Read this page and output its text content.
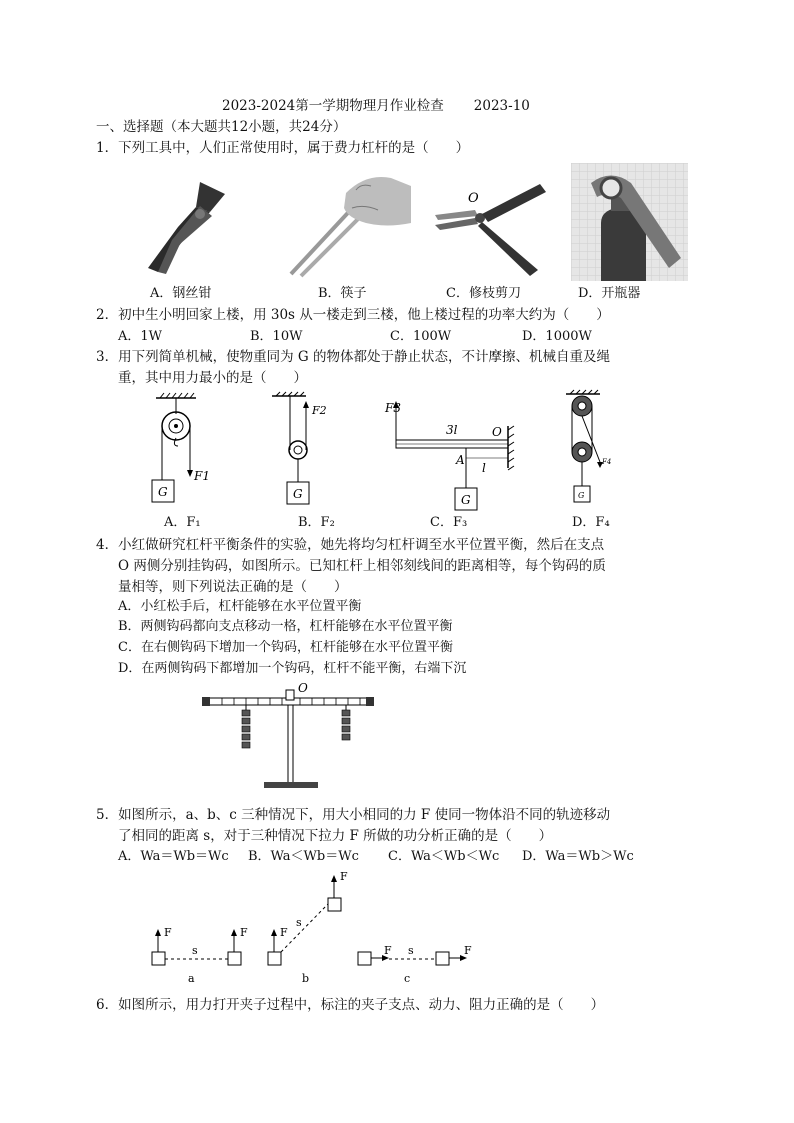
2023-2024第一学期物理月作业检查 2023-10
一、选择题（本大题共12小题，共24分）
1．下列工具中，人们正常使用时，属于费力杠杆的是（　　）
O
A．钢丝钳	B．筷子	C．修枝剪刀	D．开瓶器
2．初中生小明回家上楼，用 30s 从一楼走到三楼，他上楼过程的功率大约为（　　）
A．1W	B．10W	C．100W	D．1000W
3．用下列简单机械，使物重同为 G 的物体都处于静止状态，不计摩擦、机械自重及绳
重，其中用力最小的是（　　）
G
F1
G
F2	F3
3l	O
A
l
G
F4
G
A．F₁	B．F₂	C．F₃	D．F₄
4．小红做研究杠杆平衡条件的实验，她先将均匀杠杆调至水平位置平衡，然后在支点
O 两侧分别挂钩码，如图所示。已知杠杆上相邻刻线间的距离相等，每个钩码的质
量相等，则下列说法正确的是（　　）
A．小红松手后，杠杆能够在水平位置平衡
B．两侧钩码都向支点移动一格，杠杆能够在水平位置平衡
C．在右侧钩码下增加一个钩码，杠杆能够在水平位置平衡
D．在两侧钩码下都增加一个钩码，杠杆不能平衡，右端下沉
O
5．如图所示，a、b、c 三种情况下，用大小相同的力 F 使同一物体沿不同的轨迹移动
了相同的距离 s，对于三种情况下拉力 F 所做的功分析正确的是（　　）
A．Wa＝Wb＝Wc B．Wa＜Wb＝Wc C．Wa＜Wb＜Wc D．Wa＝Wb＞Wc
F
s
F
a
F
s
F
b
F s	F
c
6．如图所示，用力打开夹子过程中，标注的夹子支点、动力、阻力正确的是（　　）
